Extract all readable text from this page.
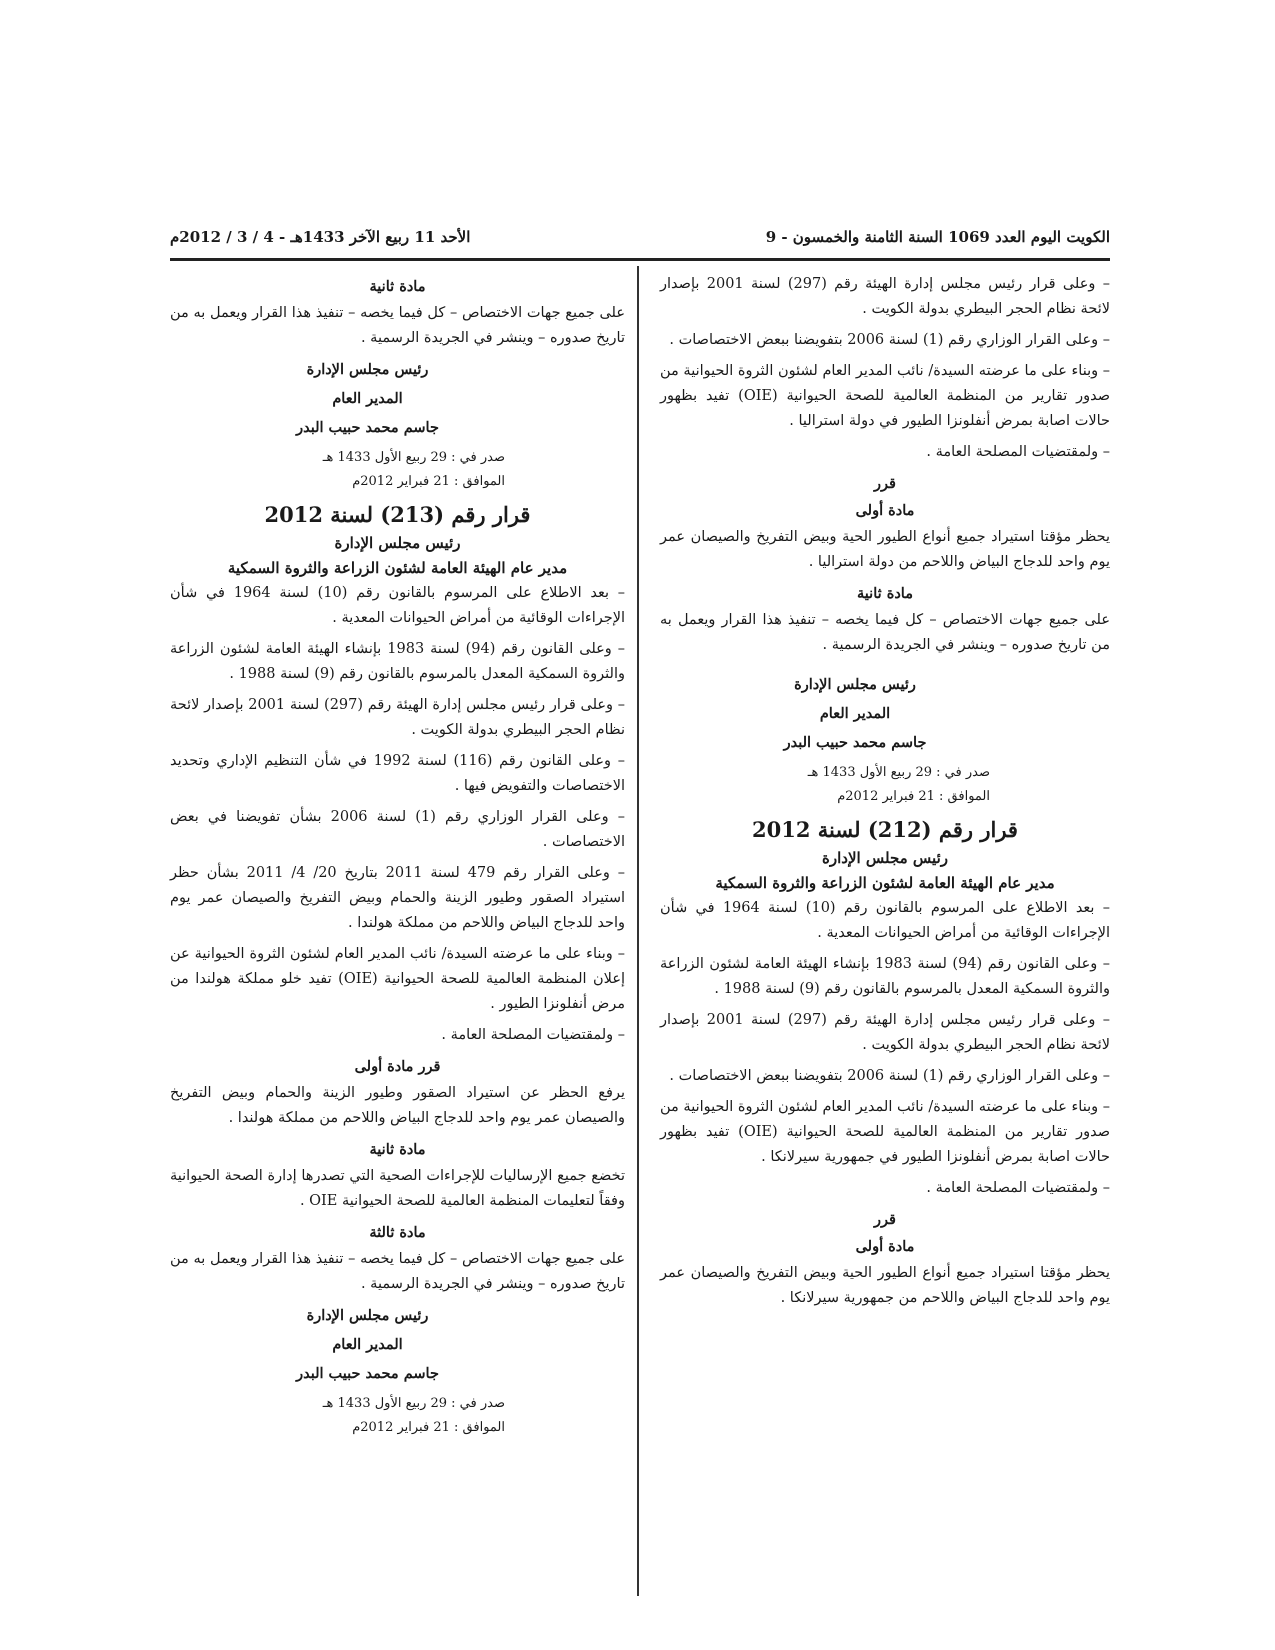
الكويت اليوم العدد 1069 السنة الثامنة والخمسون - 9
الأحد 11 ربيع الآخر 1433هـ - 4 / 3 / 2012م

– وعلى قرار رئيس مجلس إدارة الهيئة رقم (297) لسنة 2001 بإصدار لائحة نظام الحجر البيطري بدولة الكويت .

– وعلى القرار الوزاري رقم (1) لسنة 2006 بتفويضنا ببعض الاختصاصات .

– وبناء على ما عرضته السيدة/ نائب المدير العام لشئون الثروة الحيوانية من صدور تقارير من المنظمة العالمية للصحة الحيوانية (OIE) تفيد بظهور حالات اصابة بمرض أنفلونزا الطيور في دولة استراليا .

– ولمقتضيات المصلحة العامة .

قرر

مادة أولى

يحظر مؤقتا استيراد جميع أنواع الطيور الحية وبيض التفريخ والصيصان عمر يوم واحد للدجاج البياض واللاحم من دولة استراليا .

مادة ثانية

على جميع جهات الاختصاص – كل فيما يخصه – تنفيذ هذا القرار ويعمل به من تاريخ صدوره – وينشر في الجريدة الرسمية .

رئيس مجلس الإدارة

المدير العام

جاسم محمد حبيب البدر

صدر في : 29 ربيع الأول 1433 هـ

الموافق : 21 فبراير 2012م

قرار رقم (212) لسنة 2012

رئيس مجلس الإدارة

مدير عام الهيئة العامة لشئون الزراعة والثروة السمكية

– بعد الاطلاع على المرسوم بالقانون رقم (10) لسنة 1964 في شأن الإجراءات الوقائية من أمراض الحيوانات المعدية .

– وعلى القانون رقم (94) لسنة 1983 بإنشاء الهيئة العامة لشئون الزراعة والثروة السمكية المعدل بالمرسوم بالقانون رقم (9) لسنة 1988 .

– وعلى قرار رئيس مجلس إدارة الهيئة رقم (297) لسنة 2001 بإصدار لائحة نظام الحجر البيطري بدولة الكويت .

– وعلى القرار الوزاري رقم (1) لسنة 2006 بتفويضنا ببعض الاختصاصات .

– وبناء على ما عرضته السيدة/ نائب المدير العام لشئون الثروة الحيوانية من صدور تقارير من المنظمة العالمية للصحة الحيوانية (OIE) تفيد بظهور حالات اصابة بمرض أنفلونزا الطيور في جمهورية سيرلانكا .

– ولمقتضيات المصلحة العامة .

قرر

مادة أولى

يحظر مؤقتا استيراد جميع أنواع الطيور الحية وبيض التفريخ والصيصان عمر يوم واحد للدجاج البياض واللاحم من جمهورية سيرلانكا .

مادة ثانية

على جميع جهات الاختصاص – كل فيما يخصه – تنفيذ هذا القرار ويعمل به من تاريخ صدوره – وينشر في الجريدة الرسمية .

رئيس مجلس الإدارة

المدير العام

جاسم محمد حبيب البدر

صدر في : 29 ربيع الأول 1433 هـ

الموافق : 21 فبراير 2012م

قرار رقم (213) لسنة 2012

رئيس مجلس الإدارة

مدير عام الهيئة العامة لشئون الزراعة والثروة السمكية

– بعد الاطلاع على المرسوم بالقانون رقم (10) لسنة 1964 في شأن الإجراءات الوقائية من أمراض الحيوانات المعدية .

– وعلى القانون رقم (94) لسنة 1983 بإنشاء الهيئة العامة لشئون الزراعة والثروة السمكية المعدل بالمرسوم بالقانون رقم (9) لسنة 1988 .

– وعلى قرار رئيس مجلس إدارة الهيئة رقم (297) لسنة 2001 بإصدار لائحة نظام الحجر البيطري بدولة الكويت .

– وعلى القانون رقم (116) لسنة 1992 في شأن التنظيم الإداري وتحديد الاختصاصات والتفويض فيها .

– وعلى القرار الوزاري رقم (1) لسنة 2006 بشأن تفويضنا في بعض الاختصاصات .

– وعلى القرار رقم 479 لسنة 2011 بتاريخ 20/ 4/ 2011 بشأن حظر استيراد الصقور وطيور الزينة والحمام وبيض التفريخ والصيصان عمر يوم واحد للدجاج البياض واللاحم من مملكة هولندا .

– وبناء على ما عرضته السيدة/ نائب المدير العام لشئون الثروة الحيوانية عن إعلان المنظمة العالمية للصحة الحيوانية (OIE) تفيد خلو مملكة هولندا من مرض أنفلونزا الطيور .

– ولمقتضيات المصلحة العامة .

قرر مادة أولى

يرفع الحظر عن استيراد الصقور وطيور الزينة والحمام وبيض التفريخ والصيصان عمر يوم واحد للدجاج البياض واللاحم من مملكة هولندا .

مادة ثانية

تخضع جميع الإرساليات للإجراءات الصحية التي تصدرها إدارة الصحة الحيوانية وفقاً لتعليمات المنظمة العالمية للصحة الحيوانية OIE .

مادة ثالثة

على جميع جهات الاختصاص – كل فيما يخصه – تنفيذ هذا القرار ويعمل به من تاريخ صدوره – وينشر في الجريدة الرسمية .

رئيس مجلس الإدارة

المدير العام

جاسم محمد حبيب البدر

صدر في : 29 ربيع الأول 1433 هـ

الموافق : 21 فبراير 2012م
